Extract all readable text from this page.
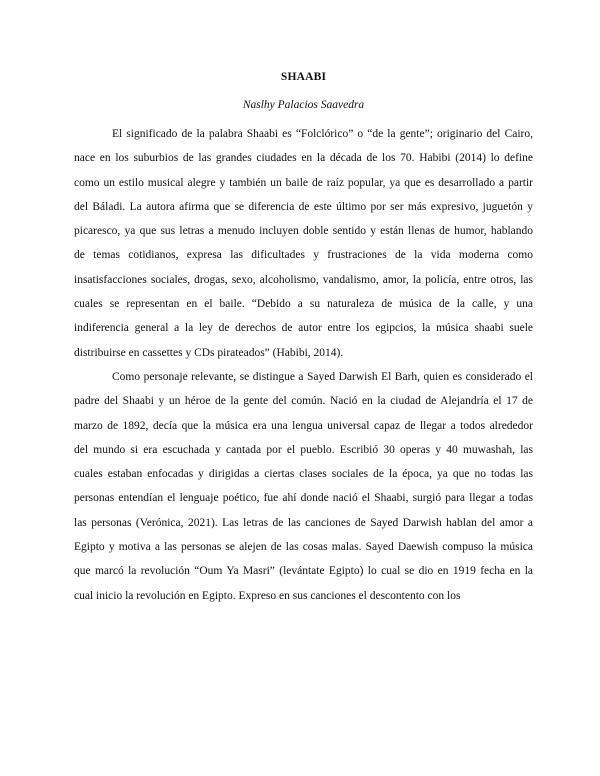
SHAABI
Naslhy Palacios Saavedra
El significado de la palabra Shaabi es “Folclórico” o “de la gente”; originario del Cairo,
nace en los suburbios de las grandes ciudades en la década de los 70. Habibi (2014) lo define
como un estilo musical alegre y también un baile de raíz popular, ya que es desarrollado a partir
del Báladi. La autora afirma que se diferencia de este último por ser más expresivo, juguetón y
picaresco, ya que sus letras a menudo incluyen doble sentido y están llenas de humor, hablando
de temas cotidianos, expresa las dificultades y frustraciones de la vida moderna como
insatisfacciones sociales, drogas, sexo, alcoholismo, vandalismo, amor, la policía, entre otros, las
cuales se representan en el baile. “Debido a su naturaleza de música de la calle, y una
indiferencia general a la ley de derechos de autor entre los egipcios, la música shaabi suele
distribuirse en cassettes y CDs pirateados” (Habibi, 2014).
Como personaje relevante, se distingue a Sayed Darwish El Barh, quien es considerado el
padre del Shaabi y un héroe de la gente del común. Nació en la ciudad de Alejandría el 17 de
marzo de 1892, decía que la música era una lengua universal capaz de llegar a todos alrededor
del mundo si era escuchada y cantada por el pueblo. Escribió 30 operas y 40 muwashah, las
cuales estaban enfocadas y dirigidas a ciertas clases sociales de la época, ya que no todas las
personas entendían el lenguaje poético, fue ahí donde nació el Shaabi, surgió para llegar a todas
las personas (Verónica, 2021). Las letras de las canciones de Sayed Darwish hablan del amor a
Egipto y motiva a las personas se alejen de las cosas malas. Sayed Daewish compuso la música
que marcó la revolución “Oum Ya Masri” (levántate Egipto) lo cual se dio en 1919 fecha en la
cual inicio la revolución en Egipto. Expreso en sus canciones el descontento con los
